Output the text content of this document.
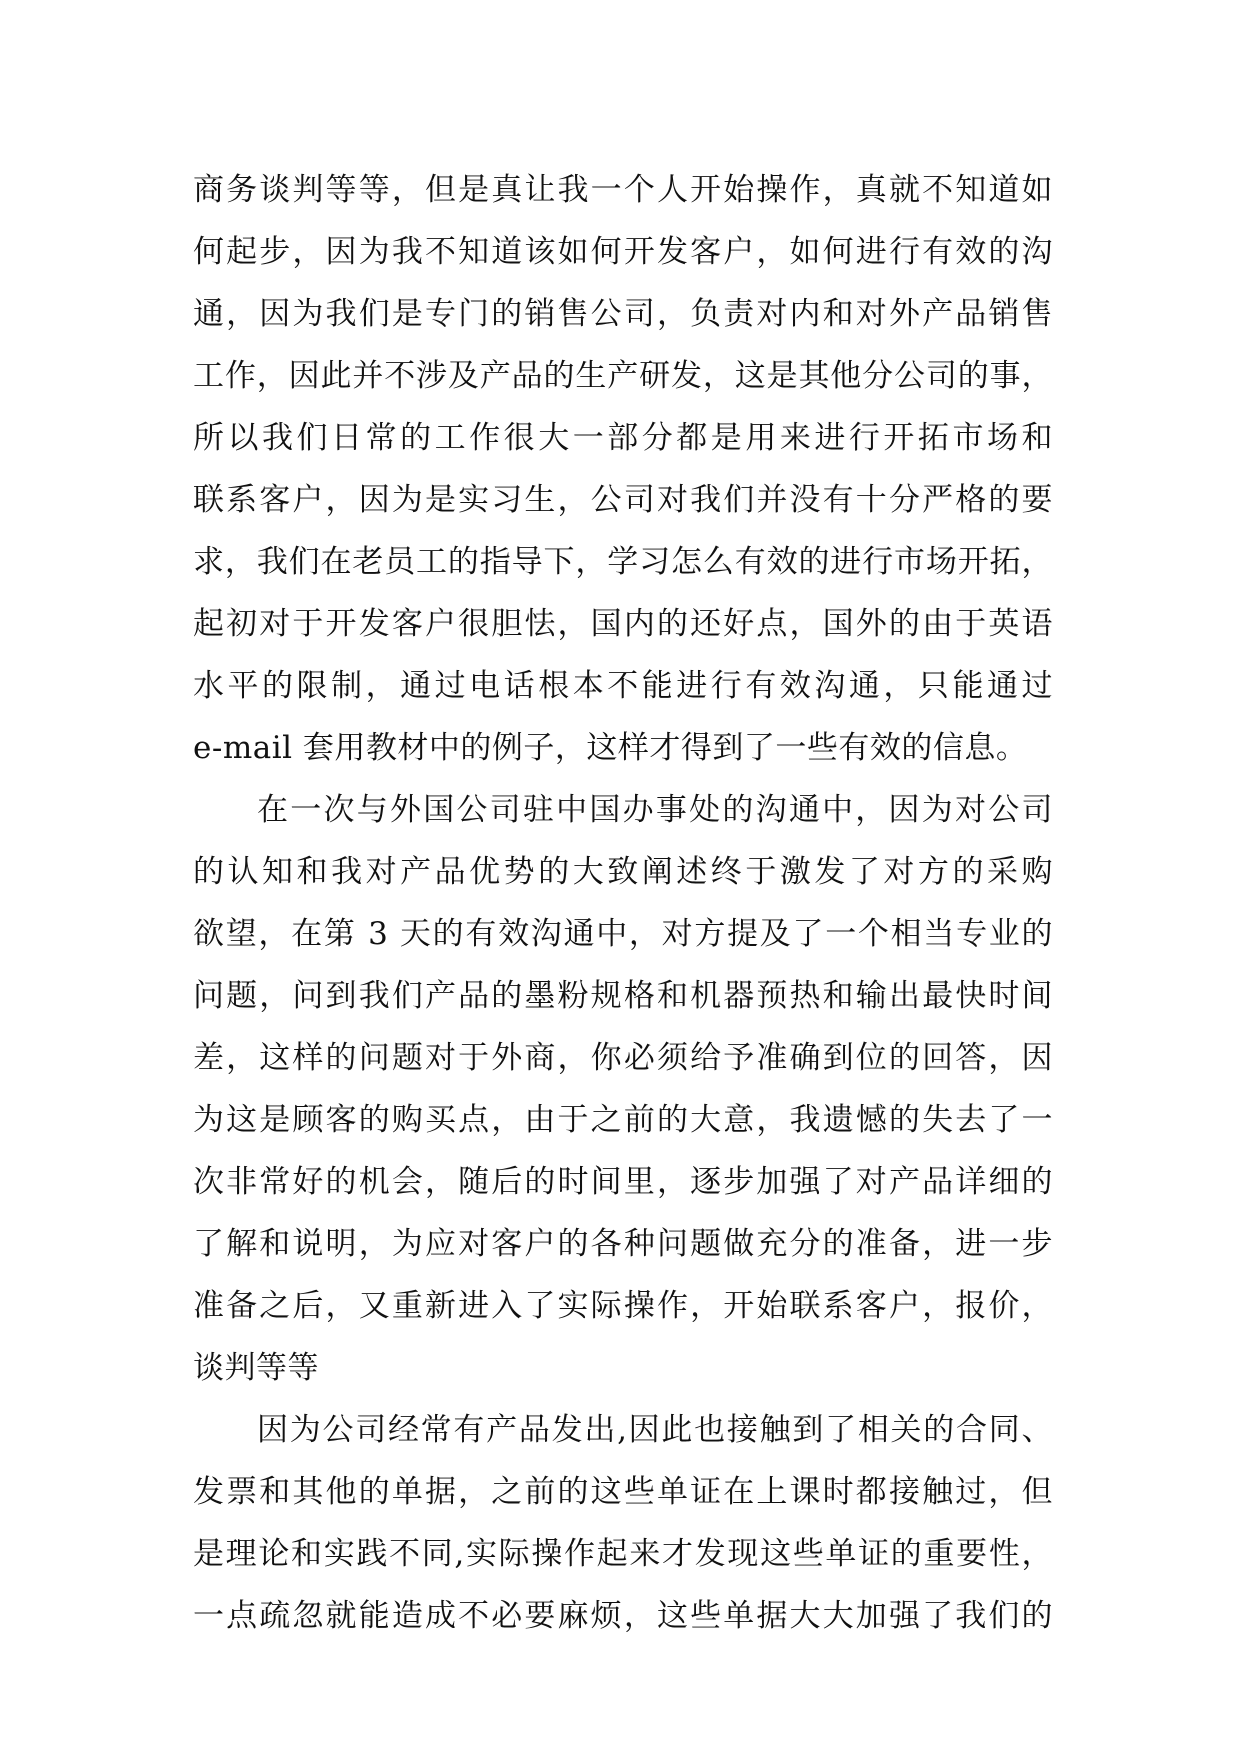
商务谈判等等，但是真让我一个人开始操作，真就不知道如
何起步，因为我不知道该如何开发客户，如何进行有效的沟
通，因为我们是专门的销售公司，负责对内和对外产品销售
工作，因此并不涉及产品的生产研发，这是其他分公司的事，
所以我们日常的工作很大一部分都是用来进行开拓市场和
联系客户，因为是实习生，公司对我们并没有十分严格的要
求，我们在老员工的指导下，学习怎么有效的进行市场开拓，
起初对于开发客户很胆怯，国内的还好点，国外的由于英语
水平的限制，通过电话根本不能进行有效沟通，只能通过
e-mail 套用教材中的例子，这样才得到了一些有效的信息。
在一次与外国公司驻中国办事处的沟通中，因为对公司
的认知和我对产品优势的大致阐述终于激发了对方的采购
欲望，在第 3 天的有效沟通中，对方提及了一个相当专业的
问题，问到我们产品的墨粉规格和机器预热和输出最快时间
差，这样的问题对于外商，你必须给予准确到位的回答，因
为这是顾客的购买点，由于之前的大意，我遗憾的失去了一
次非常好的机会，随后的时间里，逐步加强了对产品详细的
了解和说明，为应对客户的各种问题做充分的准备，进一步
准备之后，又重新进入了实际操作，开始联系客户，报价，
谈判等等
因为公司经常有产品发出,因此也接触到了相关的合同、
发票和其他的单据，之前的这些单证在上课时都接触过，但
是理论和实践不同,实际操作起来才发现这些单证的重要性，
一点疏忽就能造成不必要麻烦，这些单据大大加强了我们的
